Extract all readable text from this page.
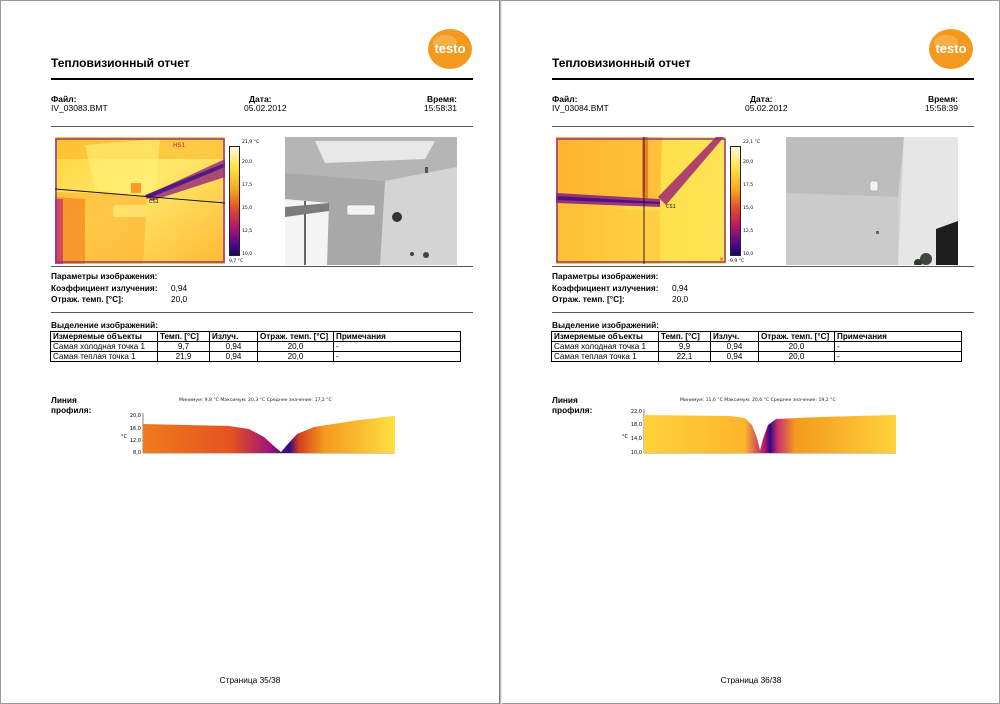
testo
Тепловизионный отчет
Файл:
IV_03083.BMT
Дата:
05.02.2012
Время:
15:58:31
HS1
CS1
21,9 °C
20,0
17,5
15,0
12,5
10,0
9,7 °C
Параметры изображения:
Коэффициент излучения: 0,94
Отраж. темп. [°C]:	20,0
Выделение изображений:
Измеряемые объекты	Темп. [°C]	Излуч.	Отраж. темп. [°C]	Примечания
Самая холодная точка 1	9,7	0,94	20,0	-
Самая теплая точка 1	21,9	0,94	20,0	-
Линия
профиля:
Минимум: 9,8 °C Максимум: 20,3 °C Среднее значение: 17,2 °C
20,0
16,0
12,0
8,0
°C
Страница 35/38
testo
Тепловизионный отчет
Файл:
IV_03084.BMT
Дата:
05.02.2012
Время:
15:58:39
CS1
×
22,1 °C
20,0
17,5
15,0
12,5
10,0
9,9 °C
Параметры изображения:
Коэффициент излучения: 0,94
Отраж. темп. [°C]:	20,0
Выделение изображений:
Измеряемые объекты	Темп. [°C]	Излуч.	Отраж. темп. [°C]	Примечания
Самая холодная точка 1	9,9	0,94	20,0	-
Самая теплая точка 1	22,1	0,94	20,0	-
Линия
профиля:
Минимум: 11,6 °C Максимум: 20,6 °C Среднее значение: 19,2 °C
22,0
18,0
14,0
10,0
°C
Страница 36/38
